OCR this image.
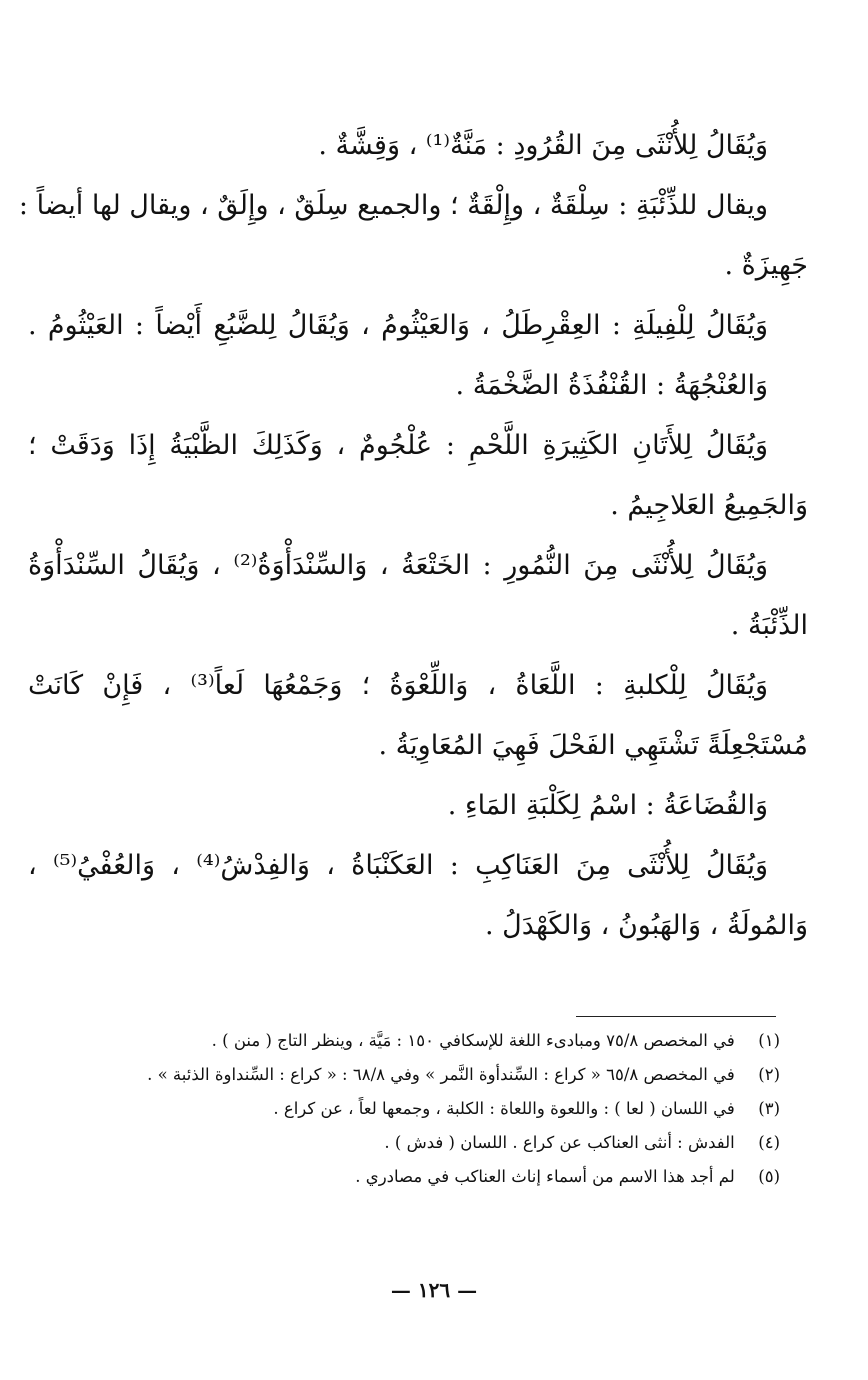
وَيُقَالُ لِلأُنْثَى مِنَ القُرُودِ : مَنَّةٌ⁽¹⁾ ، وَقِشَّةٌ .
ويقال للذِّئْبَةِ : سِلْقَةٌ ، وإِلْقَةٌ ؛ والجميع سِلَقٌ ، وإِلَقٌ ، ويقال لها أيضاً :
جَهِيزَةٌ .
وَيُقَالُ لِلْفِيلَةِ : العِقْرِطَلُ ، وَالعَيْثُومُ ، وَيُقَالُ لِلضَّبُعِ أَيْضاً : العَيْثُومُ .
وَالعُنْجُهَةُ : القُنْفُذَةُ الضَّخْمَةُ .
وَيُقَالُ لِلأَتَانِ الكَثِيرَةِ اللَّحْمِ : عُلْجُومٌ ، وَكَذَلِكَ الظَّبْيَةُ إِذَا وَدَقَتْ ؛
وَالجَمِيعُ العَلاجِيمُ .
وَيُقَالُ لِلأُنْثَى مِنَ النُّمُورِ : الخَتْعَةُ ، وَالسِّنْدَأْوَةُ⁽²⁾ ، وَيُقَالُ السِّنْدَأْوَةُ
الذِّئْبَةُ .
وَيُقَالُ لِلْكلبةِ : اللَّعَاةُ ، وَاللِّعْوَةُ ؛ وَجَمْعُهَا لَعاً⁽³⁾ ، فَإِنْ كَانَتْ
مُسْتَجْعِلَةً تَشْتَهِي الفَحْلَ فَهِيَ المُعَاوِيَةُ .
وَالقُضَاعَةُ : اسْمُ لِكَلْبَةِ المَاءِ .
وَيُقَالُ لِلأُنْثَى مِنَ العَنَاكِبِ : العَكَنْبَاةُ ، وَالفِدْشُ⁽⁴⁾ ، وَالعُفْيُ⁽⁵⁾ ،
وَالمُولَةُ ، وَالهَبُونُ ، وَالكَهْدَلُ .
(١) في المخصص ٧٥/٨ ومبادىء اللغة للإسكافي ١٥٠ : مَيَّة ، وينظر التاج ( منن ) .
(٢) في المخصص ٦٥/٨ « كراع : السِّندأوة النَّمر » وفي ٦٨/٨ : « كراع : السِّنداوة الذئبة » .
(٣) في اللسان ( لعا ) : واللعوة واللعاة : الكلبة ، وجمعها لعاً ، عن كراع .
(٤) الفدش : أنثى العناكب عن كراع . اللسان ( فدش ) .
(٥) لم أجد هذا الاسم من أسماء إناث العناكب في مصادري .
— ١٢٦ —
